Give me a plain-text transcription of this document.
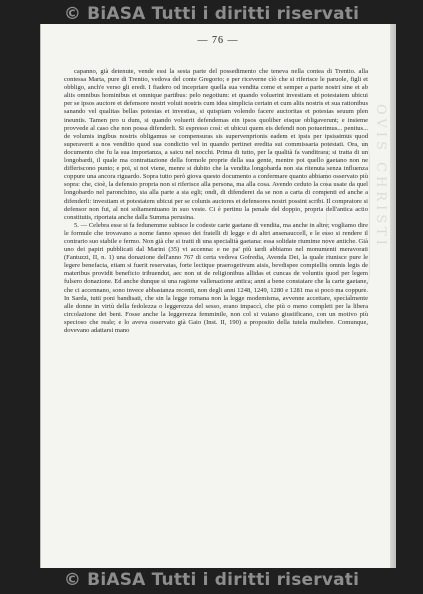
© BiASA Tutti i diritti riservati
OVIS CHRISTI
— 76 —

capanno, già detenute, vende essi la sesta parte del possedimento che teneva nella contea di Trentio. alla contessa Marta, pure di Trentio, vedova del conte Gregorio; e per riceverne cìò che si riferisce le paruole, figli et obbligo, anch'e verso gli eredi. I fiadero od incepriare quella sua vendita come et semper a parte nostri sine et ab aliis omnibus hominibus et omnique partibus: pelo negotium: et quando voluerint investiam et potestatem ubicui per se ipsos auctore et defensore nostri voluit nostris cum idea simplicia certain et cum aliis nostris et sua rationibus sanando vel qualitas bellas potestas et investias, si quispiam volendo facere auctoritas et potestas seuum plen ineuntis. Tamen pro u dum, si quando voluerit defendemas ein ipsos quoliber eisque obligaverunt; e insieme provvede al caso che non possa difenderli. Si espresso così: et ubicui quem eis defendi non potuerimus... penitus... de volumis ingibus nostris obligamus se compensuras sis supervenprionis eadem et ipsis per ipsissimus quod superaverit a nos venditio quod sua condictio vel in quando pertinet eredita sui commissaria potestati. Ora, un documento che fu la sua importanza, a saicu nel nocchi. Prima di tutto, per la qualità fa vanditrara; si tratta di un longobardi, il quale ma contrattazione della formole proprie della sua gente, mentre poi quello gaetano non ne differiscono punto; e poi, si noi viene, menre si dubito che la vendita longobarda non sia ritenuta senza influenza coppure una ancora riguardo. Sopra tutto però giova questo documento a confermare quanto abbiamo osservato più sopra: che, cioè, la defensio propria non si riferisce alla persona, ma alla cosa. Avendo ceduto la cosa usate da quel longobardo nel paronchino, sia alla parte a sia egli; ondi, di difenderei da se non a carta di compenti ed anche a difenderli: investiam et potestatem ubicui per se colunis auctores et defensores nostri possint scribi. Il compratore si defensor non fui, al noi soltamentuano in suo veste. Ci è pertinu la penale del doppio, propria dell'antica actio constitutis, riportata anche dalla Summa perusina.

5. — Celebra esse si fa fedunemme subisce le codeste carte gaetane di vendita, ma anche in altre; vogliamo dire le formule che trovavano a nome fanno spesso dei fratelli di legge e di altri ansenauccell, e le esso si rendere il contrario suo stabile e fermo. Non già che si tratti di una specialità gaetana: essa solidate riumime nove antiche. Già uno dei papiri pubblicati dal Marini (35) vi accenna: e ne pa' più tardi abbiamo nel monumenti meravorati (Fantuzzi, II, n. 1) una donazione dell'anno 767 di certa vedova Gofredia, Avenda Dei, la quale riunisce pure le legere benefacta, etiam si fuerit reservatas, forte lectique praerogetivum aisis, bevdispee compiellis omnis legis de materibus providit beneficio tribuendut, aec non ut de religionibus allidas et cuncas de voluntis quod per legem fulsero donazione. Ed anche dunque si una ragione vallenazione antica; anni a bene constatare che la carte gaetane, che ci accennano, sono invece abbastanza recenti, non degli anni 1248, 1249, 1280 e 1281 ma si poco ma coppure. In Sarda, tutti poni bandisati, che sin la legge romana non la legge modemisma, avvenne accettare, specialmente alle donne in virtù della fedolezza o leggerezza del sesso, erano impaccì, che più o meno completi per la libera circolazione dei beni. Fosse anche la leggerezza femminile, non col si vuiano giustificano, con un motivo più specioso che reale; e lo aveva osservato già Gaio (Inst. II, 190) a proposito della tutela muliebre. Comunque, dovevano adattarsi mano

© BiASA Tutti i diritti riservati
